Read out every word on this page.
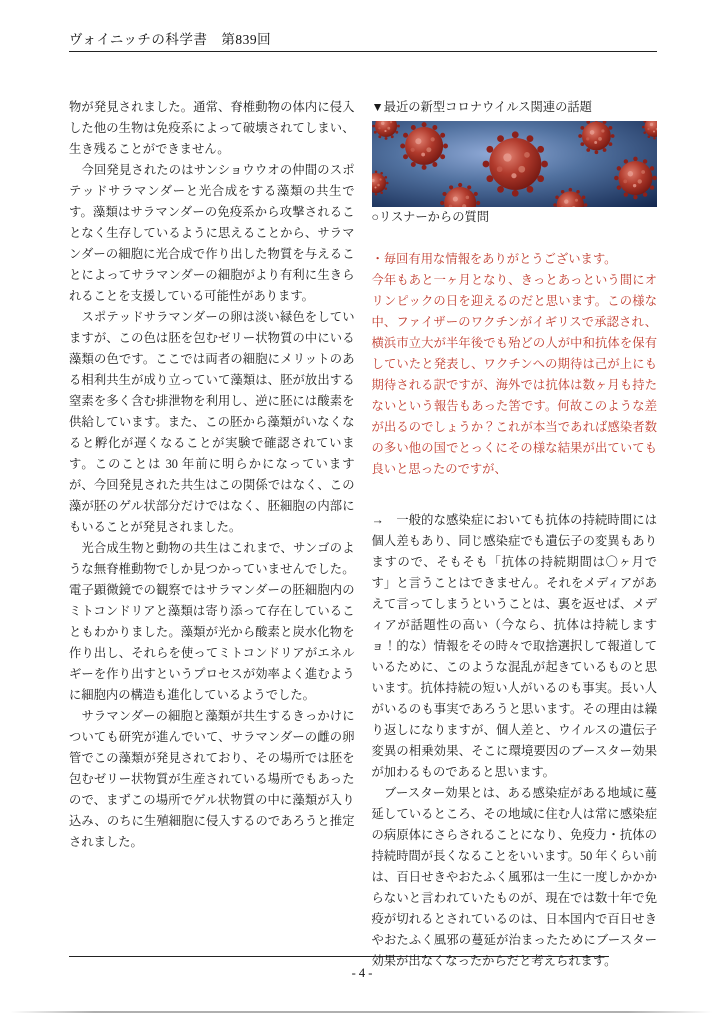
ヴォイニッチの科学書　第839回

物が発見されました。通常、脊椎動物の体内に侵入した他の生物は免疫系によって破壊されてしまい、生き残ることができません。

　今回発見されたのはサンショウウオの仲間のスポテッドサラマンダーと光合成をする藻類の共生です。藻類はサラマンダーの免疫系から攻撃されることなく生存しているように思えることから、サラマンダーの細胞に光合成で作り出した物質を与えることによってサラマンダーの細胞がより有利に生きられることを支援している可能性があります。

　スポテッドサラマンダーの卵は淡い緑色をしていますが、この色は胚を包むゼリー状物質の中にいる藻類の色です。ここでは両者の細胞にメリットのある相利共生が成り立っていて藻類は、胚が放出する窒素を多く含む排泄物を利用し、逆に胚には酸素を供給しています。また、この胚から藻類がいなくなると孵化が遅くなることが実験で確認されています。このことは 30 年前に明らかになっていますが、今回発見された共生はこの関係ではなく、この藻が胚のゲル状部分だけではなく、胚細胞の内部にもいることが発見されました。

　光合成生物と動物の共生はこれまで、サンゴのような無脊椎動物でしか見つかっていませんでした。電子顕微鏡での観察ではサラマンダーの胚細胞内のミトコンドリアと藻類は寄り添って存在していることもわかりました。藻類が光から酸素と炭水化物を作り出し、それらを使ってミトコンドリアがエネルギーを作り出すというプロセスが効率よく進むように細胞内の構造も進化しているようでした。

　サラマンダーの細胞と藻類が共生するきっかけについても研究が進んでいて、サラマンダーの雌の卵管でこの藻類が発見されており、その場所では胚を包むゼリー状物質が生産されている場所でもあったので、まずこの場所でゲル状物質の中に藻類が入り込み、のちに生殖細胞に侵入するのであろうと推定されました。

▼最近の新型コロナウイルス関連の話題

○リスナーからの質問

・毎回有用な情報をありがとうございます。

今年もあと一ヶ月となり、きっとあっという間にオリンピックの日を迎えるのだと思います。この様な中、ファイザーのワクチンがイギリスで承認され、横浜市立大が半年後でも殆どの人が中和抗体を保有していたと発表し、ワクチンへの期待は己が上にも期待される訳ですが、海外では抗体は数ヶ月も持たないという報告もあった筈です。何故このような差が出るのでしょうか？これが本当であれば感染者数の多い他の国でとっくにその様な結果が出ていても良いと思ったのですが、

→　一般的な感染症においても抗体の持続時間には個人差もあり、同じ感染症でも遺伝子の変異もありますので、そもそも「抗体の持続期間は〇ヶ月です」と言うことはできません。それをメディアがあえて言ってしまうということは、裏を返せば、メディアが話題性の高い（今なら、抗体は持続しますョ！的な）情報をその時々で取捨選択して報道しているために、このような混乱が起きているものと思います。抗体持続の短い人がいるのも事実。長い人がいるのも事実であろうと思います。その理由は繰り返しになりますが、個人差と、ウイルスの遺伝子変異の相乗効果、そこに環境要因のブースター効果が加わるものであると思います。

　ブースター効果とは、ある感染症がある地域に蔓延しているところ、その地域に住む人は常に感染症の病原体にさらされることになり、免疫力・抗体の持続時間が長くなることをいいます。50 年くらい前は、百日せきやおたふく風邪は一生に一度しかかからないと言われていたものが、現在では数十年で免疫が切れるとされているのは、日本国内で百日せきやおたふく風邪の蔓延が治まったためにブースター効果が出なくなったからだと考えられます。

- 4 -
